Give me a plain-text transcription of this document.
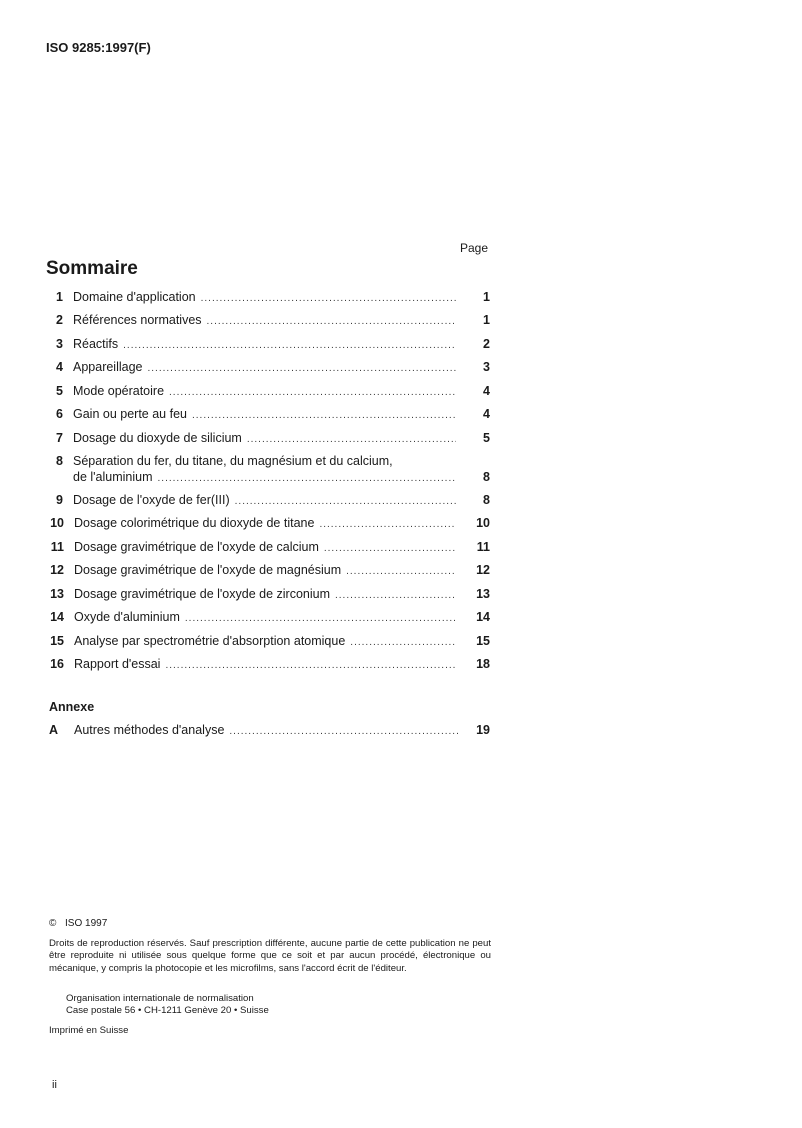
ISO 9285:1997(F)
Page
Sommaire
1 Domaine d'application .....	1
2 Références normatives .....	1
3 Réactifs .....	2
4 Appareillage .....	3
5 Mode opératoire .....	4
6 Gain ou perte au feu .....	4
7 Dosage du dioxyde de silicium .....	5
8 Séparation du fer, du titane, du magnésium et du calcium,
de l'aluminium .....	8
9 Dosage de l'oxyde de fer(III) .....	8
10 Dosage colorimétrique du dioxyde de titane .....	10
11 Dosage gravimétrique de l'oxyde de calcium .....	11
12 Dosage gravimétrique de l'oxyde de magnésium .....	12
13 Dosage gravimétrique de l'oxyde de zirconium .....	13
14 Oxyde d'aluminium .....	14
15 Analyse par spectrométrie d'absorption atomique .....	15
16 Rapport d'essai .....	18
Annexe
A Autres méthodes d'analyse .....	19
© ISO 1997
Droits de reproduction réservés. Sauf prescription différente, aucune partie de cette publication ne peut être reproduite ni utilisée sous quelque forme que ce soit et par aucun procédé, électronique ou mécanique, y compris la photocopie et les microfilms, sans l'accord écrit de l'éditeur.
Organisation internationale de normalisation
Case postale 56 • CH-1211 Genève 20 • Suisse
Imprimé en Suisse
ii
